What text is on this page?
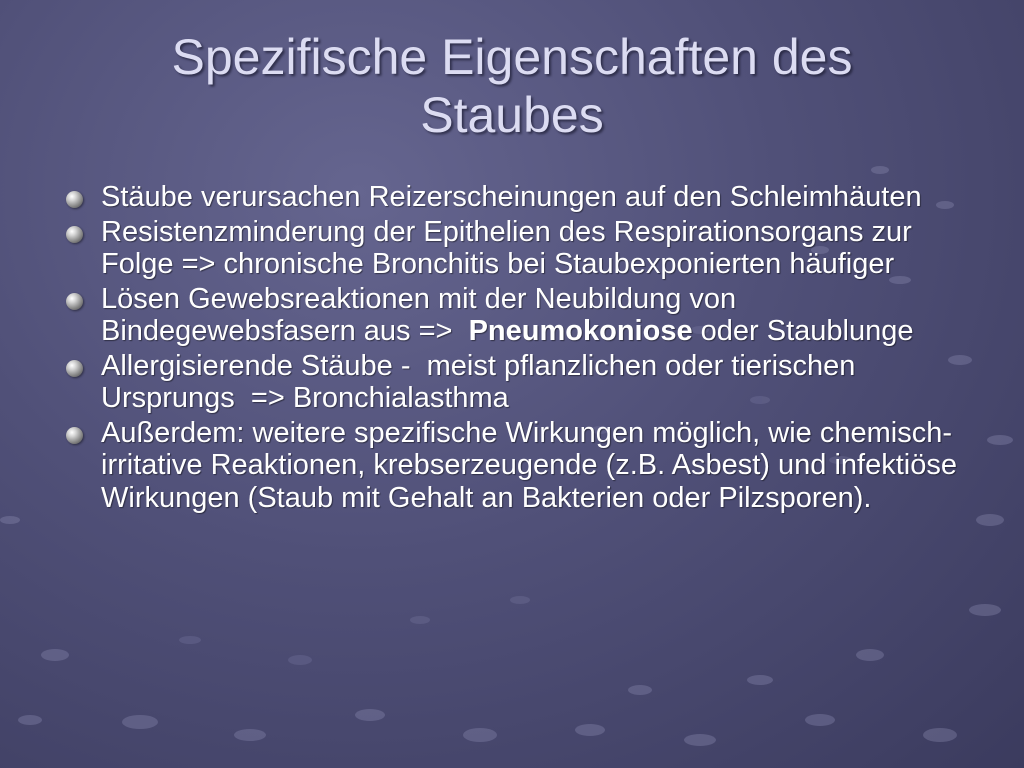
Spezifische Eigenschaften des
Staubes
Stäube verursachen Reizerscheinungen auf den Schleimhäuten
Resistenzminderung der Epithelien des Respirationsorgans zur Folge => chronische Bronchitis bei Staubexponierten häufiger
Lösen Gewebsreaktionen mit der Neubildung von Bindegewebsfasern aus =>  Pneumokoniose oder Staublunge
Allergisierende Stäube -  meist pflanzlichen oder tierischen Ursprungs  => Bronchialasthma
Außerdem: weitere spezifische Wirkungen möglich, wie chemisch-irritative Reaktionen, krebserzeugende (z.B. Asbest) und infektiöse Wirkungen (Staub mit Gehalt an Bakterien oder Pilzsporen).
